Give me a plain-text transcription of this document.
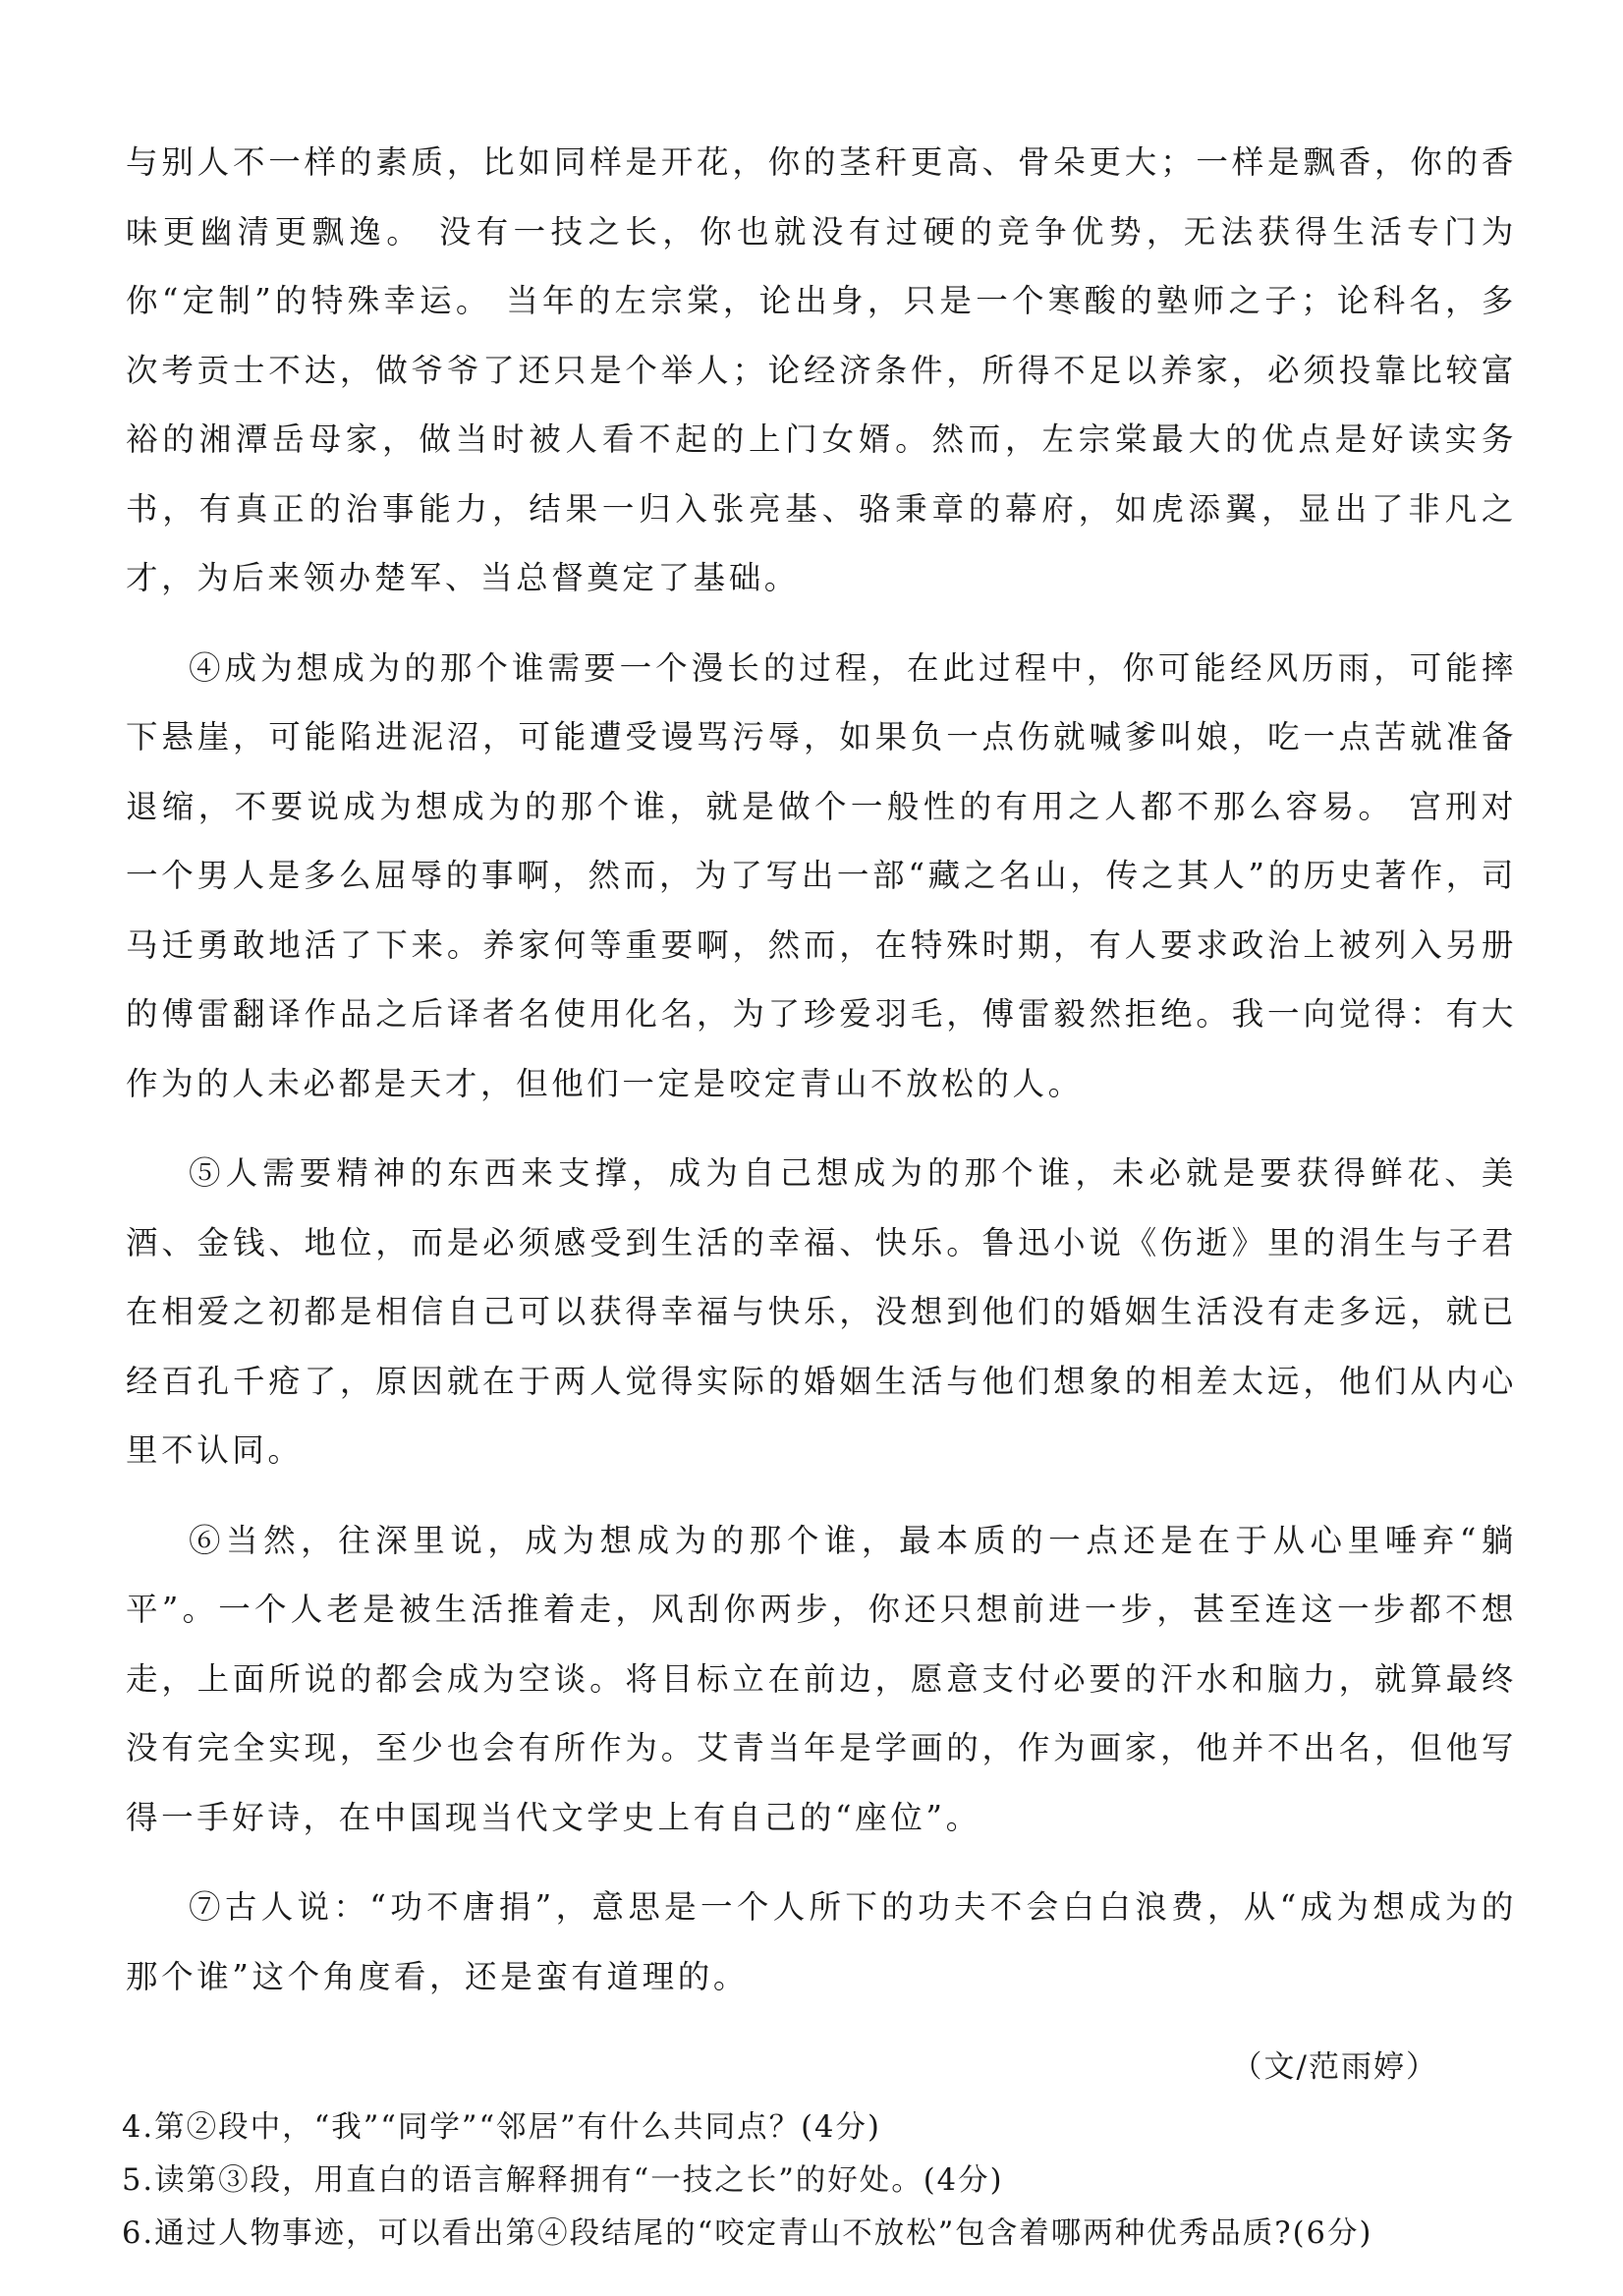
与别人不一样的素质，比如同样是开花，你的茎秆更高、骨朵更大；一样是飘香，你的香味更幽清更飘逸。 没有一技之长，你也就没有过硬的竞争优势，无法获得生活专门为你“定制”的特殊幸运。 当年的左宗棠，论出身，只是一个寒酸的塾师之子；论科名，多次考贡士不达，做爷爷了还只是个举人；论经济条件，所得不足以养家，必须投靠比较富裕的湘潭岳母家，做当时被人看不起的上门女婿。然而，左宗棠最大的优点是好读实务书，有真正的治事能力，结果一归入张亮基、骆秉章的幕府，如虎添翼，显出了非凡之才，为后来领办楚军、当总督奠定了基础。

④成为想成为的那个谁需要一个漫长的过程，在此过程中，你可能经风历雨，可能摔下悬崖，可能陷进泥沼，可能遭受谩骂污辱，如果负一点伤就喊爹叫娘，吃一点苦就准备退缩，不要说成为想成为的那个谁，就是做个一般性的有用之人都不那么容易。 宫刑对一个男人是多么屈辱的事啊，然而，为了写出一部“藏之名山，传之其人”的历史著作，司马迁勇敢地活了下来。养家何等重要啊，然而，在特殊时期，有人要求政治上被列入另册的傅雷翻译作品之后译者名使用化名，为了珍爱羽毛，傅雷毅然拒绝。我一向觉得：有大作为的人未必都是天才，但他们一定是咬定青山不放松的人。

⑤人需要精神的东西来支撑，成为自己想成为的那个谁，未必就是要获得鲜花、美酒、金钱、地位，而是必须感受到生活的幸福、快乐。鲁迅小说《伤逝》里的涓生与子君在相爱之初都是相信自己可以获得幸福与快乐，没想到他们的婚姻生活没有走多远，就已经百孔千疮了，原因就在于两人觉得实际的婚姻生活与他们想象的相差太远，他们从内心里不认同。

⑥当然，往深里说，成为想成为的那个谁，最本质的一点还是在于从心里唾弃“躺平”。一个人老是被生活推着走，风刮你两步，你还只想前进一步，甚至连这一步都不想走，上面所说的都会成为空谈。将目标立在前边，愿意支付必要的汗水和脑力，就算最终没有完全实现，至少也会有所作为。艾青当年是学画的，作为画家，他并不出名，但他写得一手好诗，在中国现当代文学史上有自己的“座位”。

⑦古人说：“功不唐捐”，意思是一个人所下的功夫不会白白浪费，从“成为想成为的那个谁”这个角度看，还是蛮有道理的。

（文/范雨婷）

4.第②段中，“我”“同学”“邻居”有什么共同点？(4分)

5.读第③段，用直白的语言解释拥有“一技之长”的好处。(4分)

6.通过人物事迹，可以看出第④段结尾的“咬定青山不放松”包含着哪两种优秀品质?(6分)
